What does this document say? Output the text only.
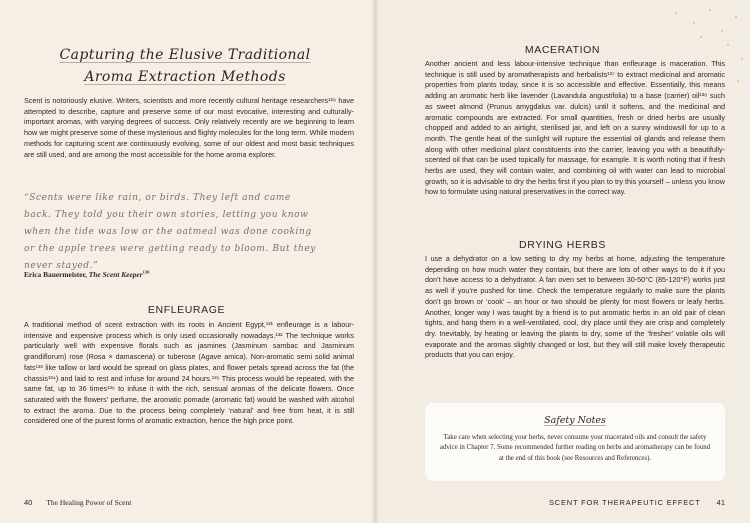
Capturing the Elusive Traditional
Aroma Extraction Methods
Scent is notoriously elusive. Writers, scientists and more recently cultural heritage researchers¹²⁹ have attempted to describe, capture and preserve some of our most evocative, interesting and culturally-important aromas, with varying degrees of success. Only relatively recently are we beginning to learn how we might preserve some of these mysterious and flighty molecules for the long term. While modern methods for capturing scent are continuously evolving, some of our oldest and most basic techniques are still used, and are among the most accessible for the home aroma explorer.
“Scents were like rain, or birds. They left and came back. They told you their own stories, letting you know when the tide was low or the oatmeal was done cooking or the apple trees were getting ready to bloom. But they never stayed.”
Erica Bauermeister, The Scent Keeper$^{130}$
ENFLEURAGE
A traditional method of scent extraction with its roots in Ancient Egypt,¹³¹ enfleurage is a labour-intensive and expensive process which is only used occasionally nowadays.¹³² The technique works particularly well with expensive florals such as jasmines (Jasminum sambac and Jasminum grandiflorum) rose (Rosa × damascena) or tuberose (Agave amica). Non-aromatic semi solid animal fats¹³³ like tallow or lard would be spread on glass plates, and flower petals spread across the fat (the chassis¹³⁴) and laid to rest and infuse for around 24 hours.¹³⁵ This process would be repeated, with the same fat, up to 36 times¹³⁶ to infuse it with the rich, sensual aromas of the delicate flowers. Once saturated with the flowers’ perfume, the aromatic pomade (aromatic fat) would be washed with alcohol to extract the aroma. Due to the process being completely ‘natural’ and free from heat, it is still considered one of the purest forms of aromatic extraction, hence the high price point.
40 The Healing Power of Scent
MACERATION
Another ancient and less labour-intensive technique than enfleurage is maceration. This technique is still used by aromatherapists and herbalists¹³⁷ to extract medicinal and aromatic properties from plants today, since it is so accessible and effective. Essentially, this means adding an aromatic herb like lavender (Lavandula angustifolia) to a base (carrier) oil¹³⁸ such as sweet almond (Prunus amygdalus var. dulcis) until it softens, and the medicinal and aromatic compounds are extracted. For small quantities, fresh or dried herbs are usually chopped and added to an airtight, sterilised jar, and left on a sunny windowsill for up to a month. The gentle heat of the sunlight will rupture the essential oil glands and release them along with other medicinal plant constituents into the carrier, leaving you with a beautifully-scented oil that can be used topically for massage, for example. It is worth noting that if fresh herbs are used, they will contain water, and combining oil with water can lead to microbial growth, so it is advisable to dry the herbs first if you plan to try this yourself – unless you know how to formulate using natural preservatives in the correct way.
DRYING HERBS
I use a dehydrator on a low setting to dry my herbs at home, adjusting the temperature depending on how much water they contain, but there are lots of other ways to do it if you don’t have access to a dehydrator. A fan oven set to between 30-50°C (85-120°F) works just as well if you’re pushed for time. Check the temperature regularly to make sure the plants don’t go brown or ‘cook’ – an hour or two should be plenty for most flowers or leafy herbs. Another, longer way I was taught by a friend is to put aromatic herbs in an old pair of clean tights, and hang them in a well-ventilated, cool, dry place until they are crisp and completely dry. Inevitably, by heating or leaving the plants to dry, some of the ‘fresher’ volatile oils will evaporate and the aromas slightly changed or lost, but they will still make lovely therapeutic products that you can enjoy.
Safety Notes
Take care when selecting your herbs, never consume your macerated oils and consult the safety advice in Chapter 7. Some recommended further reading on herbs and aromatherapy can be found at the end of this book (see Resources and References).
SCENT FOR THERAPEUTIC EFFECT 41
